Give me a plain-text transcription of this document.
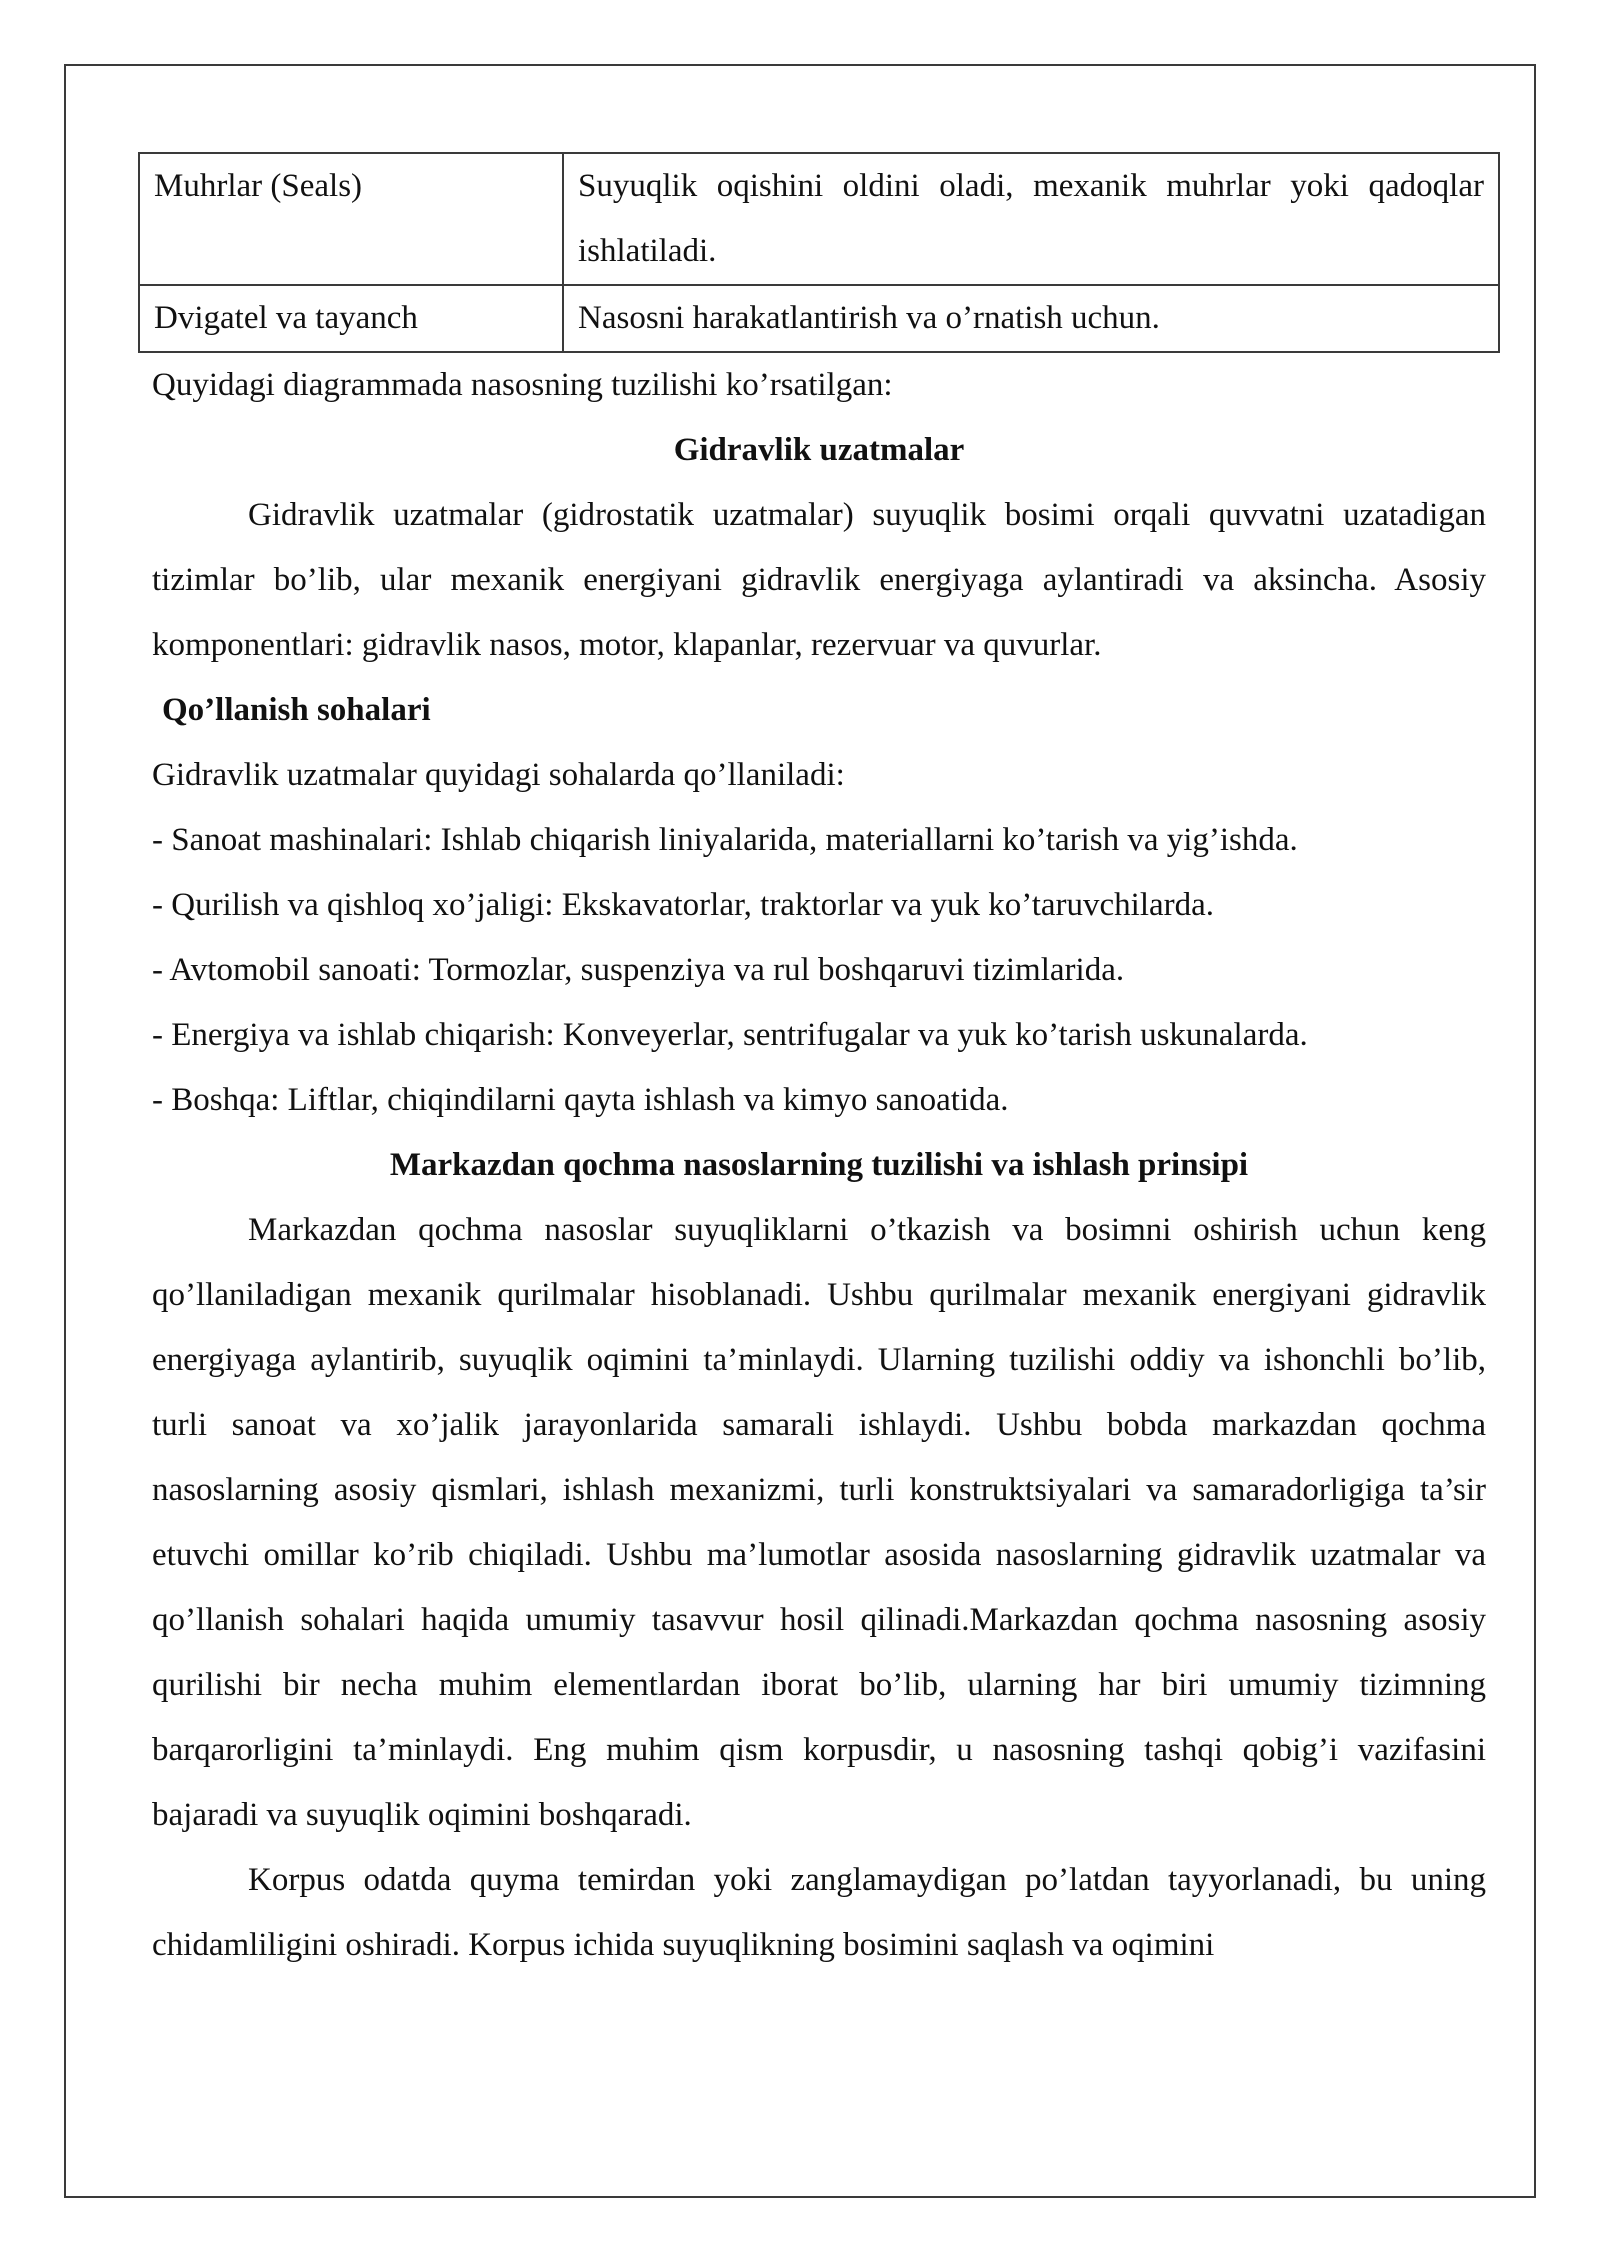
Muhrlar (Seals)	Suyuqlik oqishini oldini oladi, mexanik muhrlar yoki qadoqlar ishlatiladi.
Dvigatel va tayanch	Nasosni harakatlantirish va o’rnatish uchun.

Quyidagi diagrammada nasosning tuzilishi ko’rsatilgan:

Gidravlik uzatmalar

Gidravlik uzatmalar (gidrostatik uzatmalar) suyuqlik bosimi orqali quvvatni uzatadigan tizimlar bo’lib, ular mexanik energiyani gidravlik energiyaga aylantiradi va aksincha. Asosiy komponentlari: gidravlik nasos, motor, klapanlar, rezervuar va quvurlar.

Qo’llanish sohalari

Gidravlik uzatmalar quyidagi sohalarda qo’llaniladi:

- Sanoat mashinalari: Ishlab chiqarish liniyalarida, materiallarni ko’tarish va yig’ishda.

- Qurilish va qishloq xo’jaligi: Ekskavatorlar, traktorlar va yuk ko’taruvchilarda.

- Avtomobil sanoati: Tormozlar, suspenziya va rul boshqaruvi tizimlarida.

- Energiya va ishlab chiqarish: Konveyerlar, sentrifugalar va yuk ko’tarish uskunalarda.

- Boshqa: Liftlar, chiqindilarni qayta ishlash va kimyo sanoatida.

Markazdan qochma nasoslarning tuzilishi va ishlash prinsipi

Markazdan qochma nasoslar suyuqliklarni o’tkazish va bosimni oshirish uchun keng qo’llaniladigan mexanik qurilmalar hisoblanadi. Ushbu qurilmalar mexanik energiyani gidravlik energiyaga aylantirib, suyuqlik oqimini ta’minlaydi. Ularning tuzilishi oddiy va ishonchli bo’lib, turli sanoat va xo’jalik jarayonlarida samarali ishlaydi. Ushbu bobda markazdan qochma nasoslarning asosiy qismlari, ishlash mexanizmi, turli konstruktsiyalari va samaradorligiga ta’sir etuvchi omillar ko’rib chiqiladi. Ushbu ma’lumotlar asosida nasoslarning gidravlik uzatmalar va qo’llanish sohalari haqida umumiy tasavvur hosil qilinadi.Markazdan qochma nasosning asosiy qurilishi bir necha muhim elementlardan iborat bo’lib, ularning har biri umumiy tizimning barqarorligini ta’minlaydi. Eng muhim qism korpusdir, u nasosning tashqi qobig’i vazifasini bajaradi va suyuqlik oqimini boshqaradi.

Korpus odatda quyma temirdan yoki zanglamaydigan po’latdan tayyorlanadi, bu uning chidamliligini oshiradi. Korpus ichida suyuqlikning bosimini saqlash va oqimini
